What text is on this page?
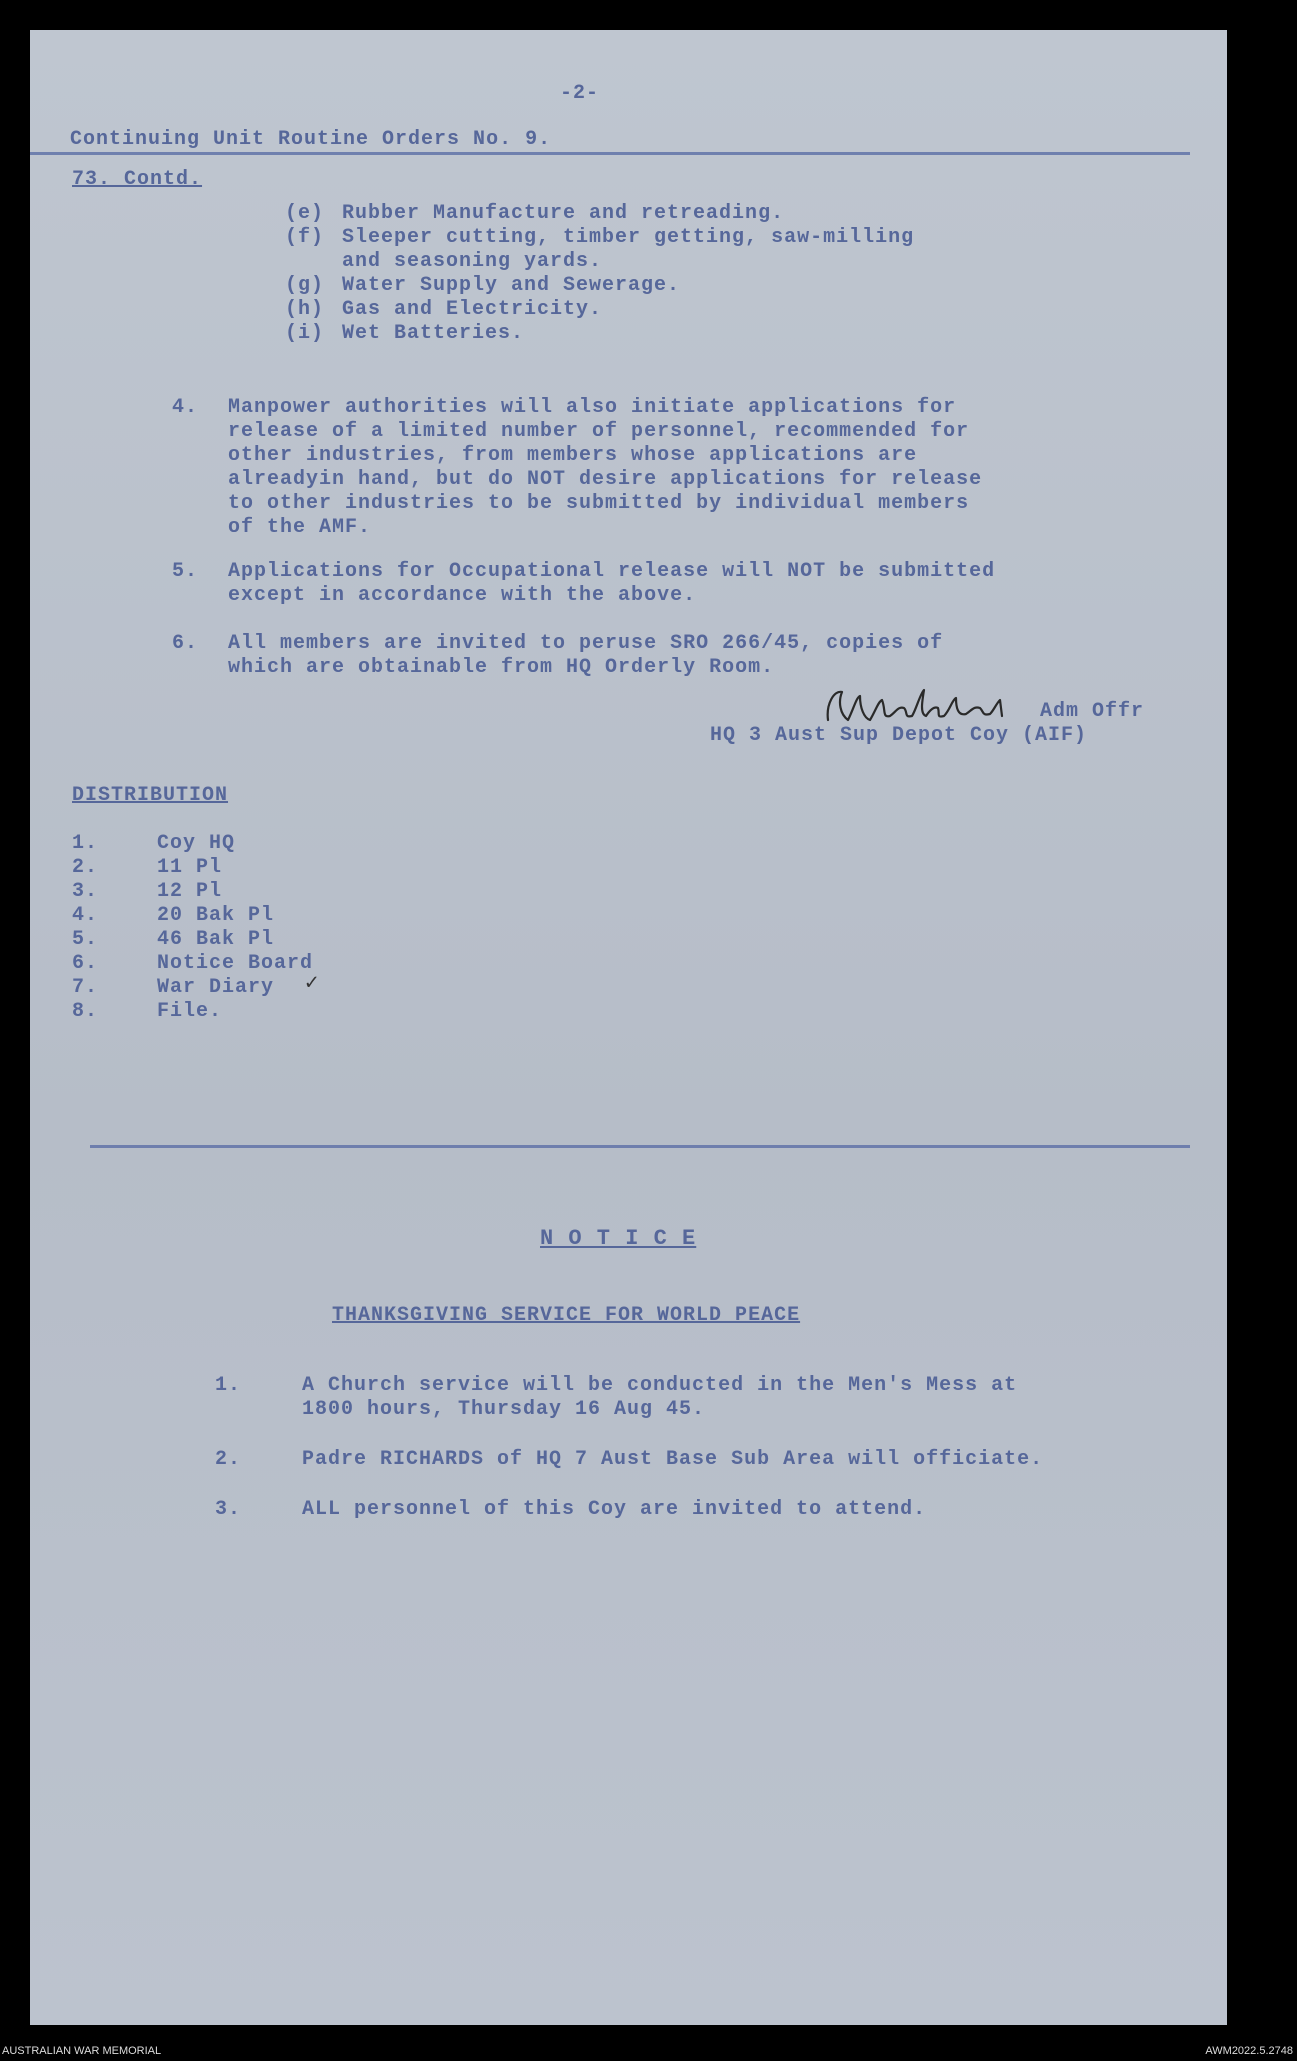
-2-
Continuing Unit Routine Orders No. 9.
73. Contd.
(e) Rubber Manufacture and retreading.
(f) Sleeper cutting, timber getting, saw-milling
and seasoning yards.
(g) Water Supply and Sewerage.
(h) Gas and Electricity.
(i) Wet Batteries.
4. Manpower authorities will also initiate applications for
release of a limited number of personnel, recommended for
other industries, from members whose applications are
alreadyin hand, but do NOT desire applications for release
to other industries to be submitted by individual members
of the AMF.
5. Applications for Occupational release will NOT be submitted
except in accordance with the above.
6. All members are invited to peruse SRO 266/45, copies of
which are obtainable from HQ Orderly Room.
Adm Offr
HQ 3 Aust Sup Depot Coy (AIF)
DISTRIBUTION
1.	Coy HQ
2.	11 Pl
3.	12 Pl
4.	20 Bak Pl
5.	46 Bak Pl
6.	Notice Board
7.	War Diary ✓
8.	File.
N O T I C E
THANKSGIVING SERVICE FOR WORLD PEACE
1.	A Church service will be conducted in the Men's Mess at
1800 hours, Thursday 16 Aug 45.
2.	Padre RICHARDS of HQ 7 Aust Base Sub Area will officiate.
3.	ALL personnel of this Coy are invited to attend.
AUSTRALIAN WAR MEMORIAL	AWM2022.5.2748
